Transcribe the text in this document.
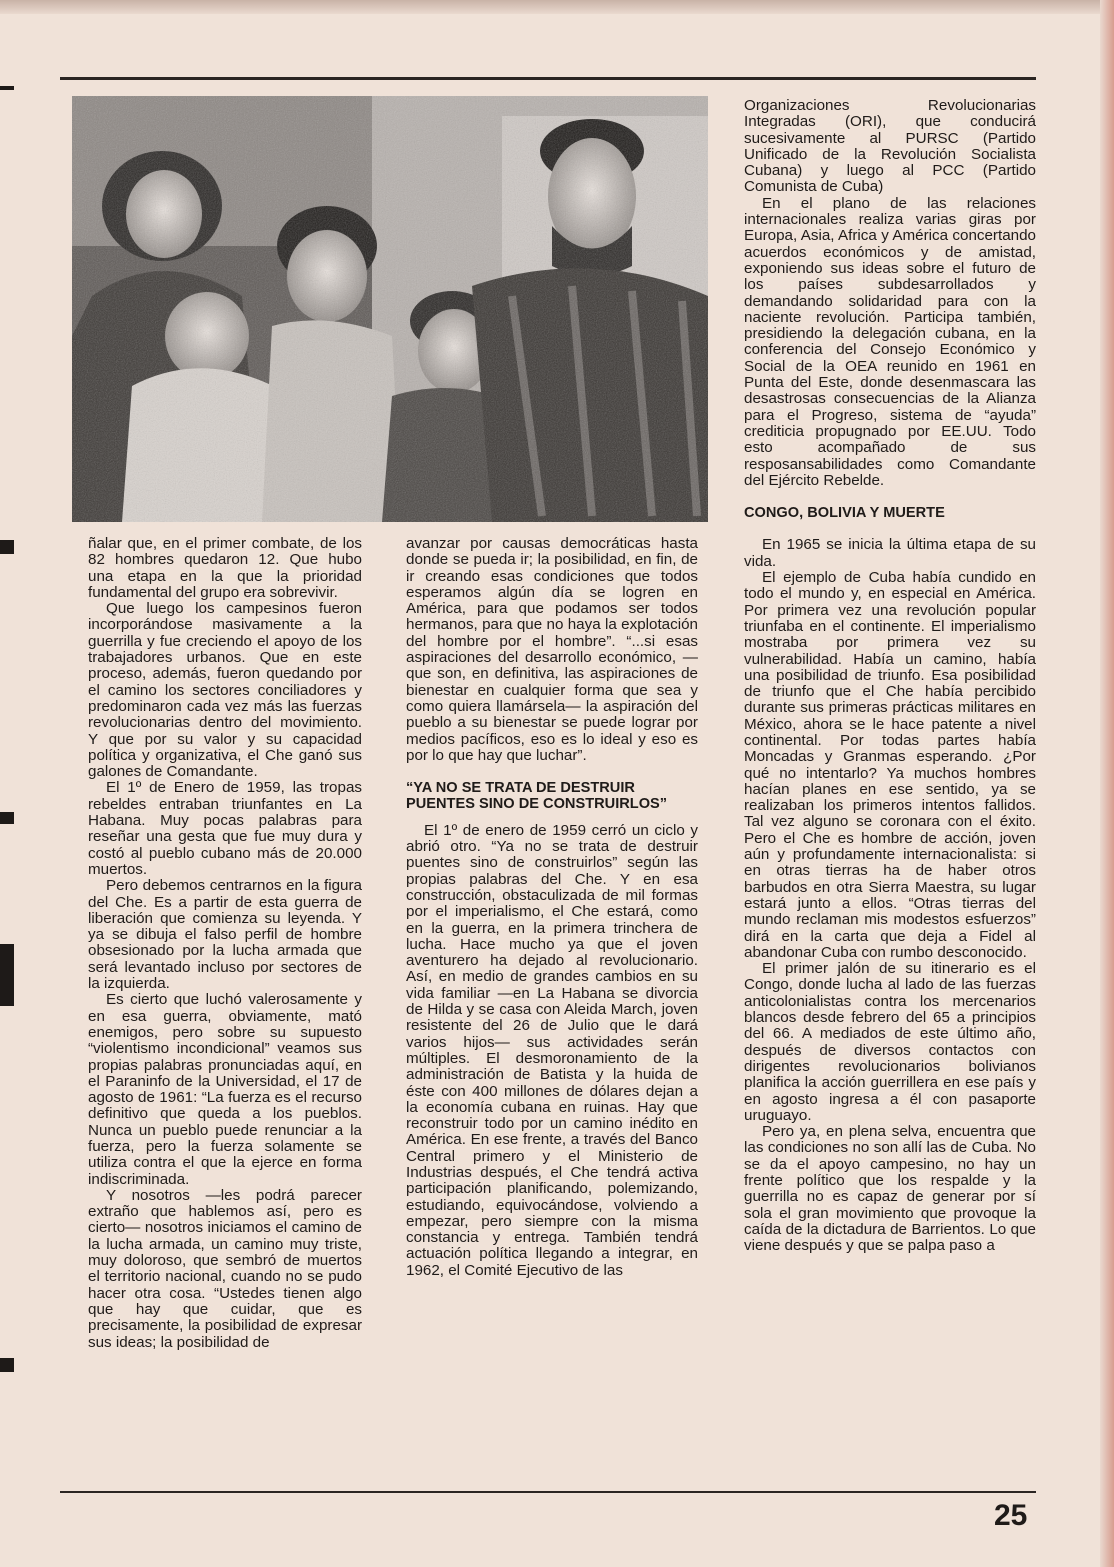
ñalar que, en el primer combate, de los 82 hombres quedaron 12. Que hubo una etapa en la que la prioridad fundamental del grupo era sobrevivir.

Que luego los campesinos fueron incorporándose masivamente a la guerrilla y fue creciendo el apoyo de los trabajadores urbanos. Que en este proceso, además, fueron quedando por el camino los sectores conciliadores y predominaron cada vez más las fuerzas revolucionarias dentro del movimiento. Y que por su valor y su capacidad política y organizativa, el Che ganó sus galones de Comandante.

El 1º de Enero de 1959, las tropas rebeldes entraban triunfantes en La Habana. Muy pocas palabras para reseñar una gesta que fue muy dura y costó al pueblo cubano más de 20.000 muertos.

Pero debemos centrarnos en la figura del Che. Es a partir de esta guerra de liberación que comienza su leyenda. Y ya se dibuja el falso perfil de hombre obsesionado por la lucha armada que será levantado incluso por sectores de la izquierda.

Es cierto que luchó valerosamente y en esa guerra, obviamente, mató enemigos, pero sobre su supuesto “violentismo incondicional” veamos sus propias palabras pronunciadas aquí, en el Paraninfo de la Universidad, el 17 de agosto de 1961: “La fuerza es el recurso definitivo que queda a los pueblos. Nunca un pueblo puede renunciar a la fuerza, pero la fuerza solamente se utiliza contra el que la ejerce en forma indiscriminada.

Y nosotros —les podrá parecer extraño que hablemos así, pero es cierto— nosotros iniciamos el camino de la lucha armada, un camino muy triste, muy doloroso, que sembró de muertos el territorio nacional, cuando no se pudo hacer otra cosa. “Ustedes tienen algo que hay que cuidar, que es precisamente, la posibilidad de expresar sus ideas; la posibilidad de

avanzar por causas democráticas hasta donde se pueda ir; la posibilidad, en fin, de ir creando esas condiciones que todos esperamos algún día se logren en América, para que podamos ser todos hermanos, para que no haya la explotación del hombre por el hombre”. “...si esas aspiraciones del desarrollo económico, —que son, en definitiva, las aspiraciones de bienestar en cualquier forma que sea y como quiera llamársela— la aspiración del pueblo a su bienestar se puede lograr por medios pacíficos, eso es lo ideal y eso es por lo que hay que luchar”.

“YA NO SE TRATA DE DESTRUIR PUENTES SINO DE CONSTRUIRLOS”

El 1º de enero de 1959 cerró un ciclo y abrió otro. “Ya no se trata de destruir puentes sino de construirlos” según las propias palabras del Che. Y en esa construcción, obstaculizada de mil formas por el imperialismo, el Che estará, como en la guerra, en la primera trinchera de lucha. Hace mucho ya que el joven aventurero ha dejado al revolucionario. Así, en medio de grandes cambios en su vida familiar —en La Habana se divorcia de Hilda y se casa con Aleida March, joven resistente del 26 de Julio que le dará varios hijos— sus actividades serán múltiples. El desmoronamiento de la administración de Batista y la huida de éste con 400 millones de dólares dejan a la economía cubana en ruinas. Hay que reconstruir todo por un camino inédito en América. En ese frente, a través del Banco Central primero y el Ministerio de Industrias después, el Che tendrá activa participación planificando, polemizando, estudiando, equivocándose, volviendo a empezar, pero siempre con la misma constancia y entrega. También tendrá actuación política llegando a integrar, en 1962, el Comité Ejecutivo de las

Organizaciones Revolucionarias Integradas (ORI), que conducirá sucesivamente al PURSC (Partido Unificado de la Revolución Socialista Cubana) y luego al PCC (Partido Comunista de Cuba)

En el plano de las relaciones internacionales realiza varias giras por Europa, Asia, Africa y América concertando acuerdos económicos y de amistad, exponiendo sus ideas sobre el futuro de los países subdesarrollados y demandando solidaridad para con la naciente revolución. Participa también, presidiendo la delegación cubana, en la conferencia del Consejo Económico y Social de la OEA reunido en 1961 en Punta del Este, donde desenmascara las desastrosas consecuencias de la Alianza para el Progreso, sistema de “ayuda” crediticia propugnado por EE.UU. Todo esto acompañado de sus resposansabilidades como Comandante del Ejército Rebelde.

CONGO, BOLIVIA Y MUERTE

En 1965 se inicia la última etapa de su vida.

El ejemplo de Cuba había cundido en todo el mundo y, en especial en América. Por primera vez una revolución popular triunfaba en el continente. El imperialismo mostraba por primera vez su vulnerabilidad. Había un camino, había una posibilidad de triunfo. Esa posibilidad de triunfo que el Che había percibido durante sus primeras prácticas militares en México, ahora se le hace patente a nivel continental. Por todas partes había Moncadas y Granmas esperando. ¿Por qué no intentarlo? Ya muchos hombres hacían planes en ese sentido, ya se realizaban los primeros intentos fallidos. Tal vez alguno se coronara con el éxito. Pero el Che es hombre de acción, joven aún y profundamente internacionalista: si en otras tierras ha de haber otros barbudos en otra Sierra Maestra, su lugar estará junto a ellos. “Otras tierras del mundo reclaman mis modestos esfuerzos” dirá en la carta que deja a Fidel al abandonar Cuba con rumbo desconocido.

El primer jalón de su itinerario es el Congo, donde lucha al lado de las fuerzas anticolonialistas contra los mercenarios blancos desde febrero del 65 a principios del 66. A mediados de este último año, después de diversos contactos con dirigentes revolucionarios bolivianos planifica la acción guerrillera en ese país y en agosto ingresa a él con pasaporte uruguayo.

Pero ya, en plena selva, encuentra que las condiciones no son allí las de Cuba. No se da el apoyo campesino, no hay un frente político que los respalde y la guerrilla no es capaz de generar por sí sola el gran movimiento que provoque la caída de la dictadura de Barrientos. Lo que viene después y que se palpa paso a

25
